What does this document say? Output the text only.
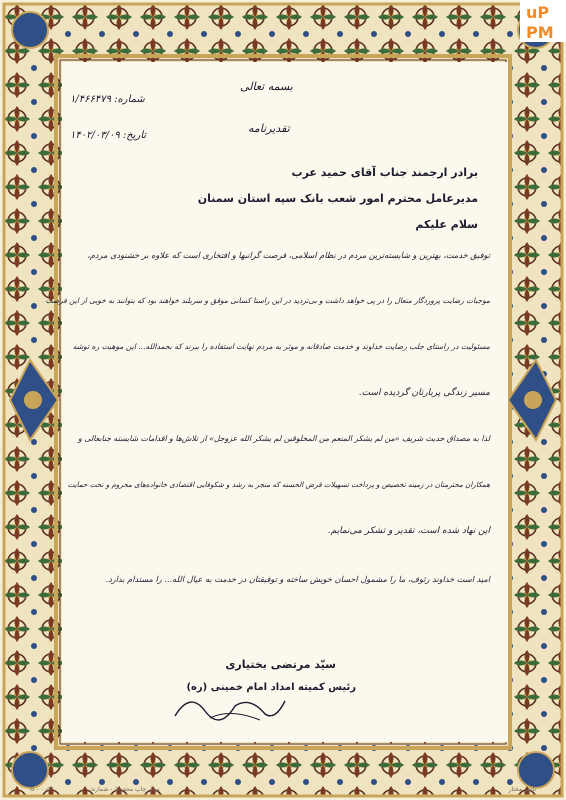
بسمه تعالی
تقدیرنامه
شماره: ۱/۴۶۶۴۷۹
تاریخ: ۱۴۰۲/۰۳/۰۹
برادر ارجمند جناب آقای حمید عرب
مدیرعامل محترم امور شعب بانک سپه استان سمنان
سلام علیکم
توفیق خدمت، بهترین و شایسته‌ترین مردم در نظام اسلامی، فرصت گرانبها و افتخاری است که علاوه بر خشنودی مردم،
موجبات رضایت پروردگار متعال را در پی خواهد داشت و بی‌تردید در این راستا کسانی موفق و سربلند خواهند بود که بتوانند به خوبی از این فرصت
مسئولیت در راستای جلب رضایت خداوند و خدمت صادقانه و موثر به مردم نهایت استفاده را ببرند که بحمدالله... این موهبت ره توشه
مسیر زندگی پربارتان گردیده است.
لذا به مصداق حدیث شریف «من لم یشکر المنعم من المخلوقین لم یشکر الله عزوجل» از تلاش‌ها و اقدامات شایسته جنابعالی و
همکاران محترمتان در زمینه تخصیص و پرداخت تسهیلات قرض الحسنه که منجر به رشد و شکوفایی اقتصادی خانواده‌های محروم و تحت حمایت
این نهاد شده است، تقدیر و تشکر می‌نمایم.
امید است خداوند رئوف، ما را مشمول احسان خویش ساخته و توفیقتان در خدمت به عیال الله... را مستدام بدارد.
سیّد مرتضی بختیاری
رئیس کمیته امداد امام خمینی (ره)
G - ۰۰۵۴	محل چاپ محفوظ - شماره:	ناشر مختار
uP
PM
